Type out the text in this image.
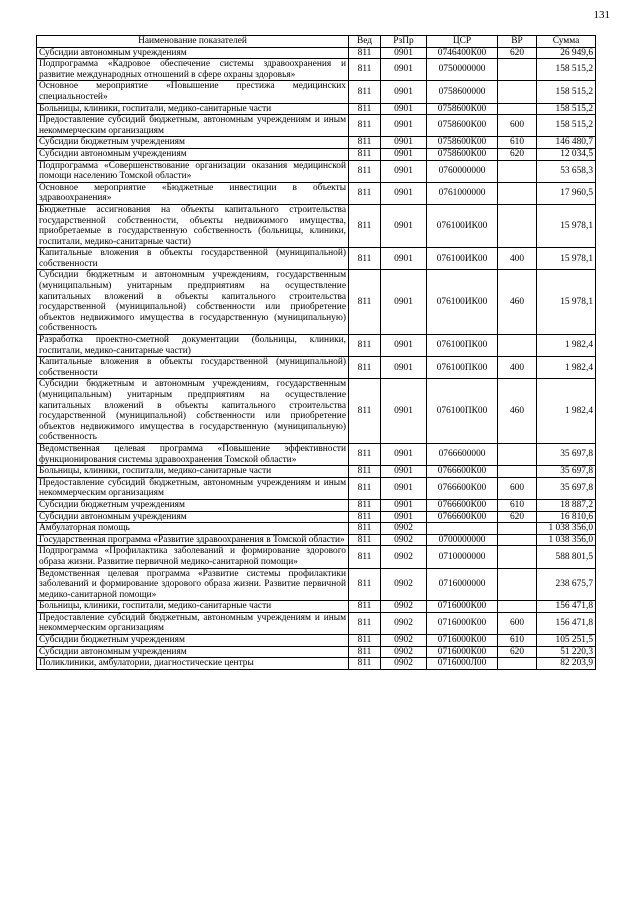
131
Наименование показателей	Вед	РзПр	ЦСР	ВР	Сумма
Субсидии автономным учреждениям	811	0901	0746400К00	620	26 949,6
Подпрограмма «Кадровое обеспечение системы здравоохранения и развитие международных отношений в сфере охраны здоровья»	811	0901	0750000000		158 515,2
Основное мероприятие «Повышение престижа медицинских специальностей»	811	0901	0758600000		158 515,2
Больницы, клиники, госпитали, медико-санитарные части	811	0901	0758600К00		158 515,2
Предоставление субсидий бюджетным, автономным учреждениям и иным некоммерческим организациям	811	0901	0758600К00	600	158 515,2
Субсидии бюджетным учреждениям	811	0901	0758600К00	610	146 480,7
Субсидии автономным учреждениям	811	0901	0758600К00	620	12 034,5
Подпрограмма «Совершенствование организации оказания медицинской помощи населению Томской области»	811	0901	0760000000		53 658,3
Основное мероприятие «Бюджетные инвестиции в объекты здравоохранения»	811	0901	0761000000		17 960,5
Бюджетные ассигнования на объекты капитального строительства государственной собственности, объекты недвижимого имущества, приобретаемые в государственную собственность (больницы, клиники, госпитали, медико-санитарные части)	811	0901	076100ИК00		15 978,1
Капитальные вложения в объекты государственной (муниципальной) собственности	811	0901	076100ИК00	400	15 978,1
Субсидии бюджетным и автономным учреждениям, государственным (муниципальным) унитарным предприятиям на осуществление капитальных вложений в объекты капитального строительства государственной (муниципальной) собственности или приобретение объектов недвижимого имущества в государственную (муниципальную) собственность	811	0901	076100ИК00	460	15 978,1
Разработка проектно-сметной документации (больницы, клиники, госпитали, медико-санитарные части)	811	0901	076100ПК00		1 982,4
Капитальные вложения в объекты государственной (муниципальной) собственности	811	0901	076100ПК00	400	1 982,4
Субсидии бюджетным и автономным учреждениям, государственным (муниципальным) унитарным предприятиям на осуществление капитальных вложений в объекты капитального строительства государственной (муниципальной) собственности или приобретение объектов недвижимого имущества в государственную (муниципальную) собственность	811	0901	076100ПК00	460	1 982,4
Ведомственная целевая программа «Повышение эффективности функционирования системы здравоохранения Томской области»	811	0901	0766600000		35 697,8
Больницы, клиники, госпитали, медико-санитарные части	811	0901	0766600К00		35 697,8
Предоставление субсидий бюджетным, автономным учреждениям и иным некоммерческим организациям	811	0901	0766600К00	600	35 697,8
Субсидии бюджетным учреждениям	811	0901	0766600К00	610	18 887,2
Субсидии автономным учреждениям	811	0901	0766600К00	620	16 810,6
Амбулаторная помощь	811	0902			1 038 356,0
Государственная программа «Развитие здравоохранения в Томской области»	811	0902	0700000000		1 038 356,0
Подпрограмма «Профилактика заболеваний и формирование здорового образа жизни. Развитие первичной медико-санитарной помощи»	811	0902	0710000000		588 801,5
Ведомственная целевая программа «Развитие системы профилактики заболеваний и формирование здорового образа жизни. Развитие первичной медико-санитарной помощи»	811	0902	0716000000		238 675,7
Больницы, клиники, госпитали, медико-санитарные части	811	0902	0716000К00		156 471,8
Предоставление субсидий бюджетным, автономным учреждениям и иным некоммерческим организациям	811	0902	0716000К00	600	156 471,8
Субсидии бюджетным учреждениям	811	0902	0716000К00	610	105 251,5
Субсидии автономным учреждениям	811	0902	0716000К00	620	51 220,3
Поликлиники, амбулатории, диагностические центры	811	0902	0716000Л00		82 203,9
